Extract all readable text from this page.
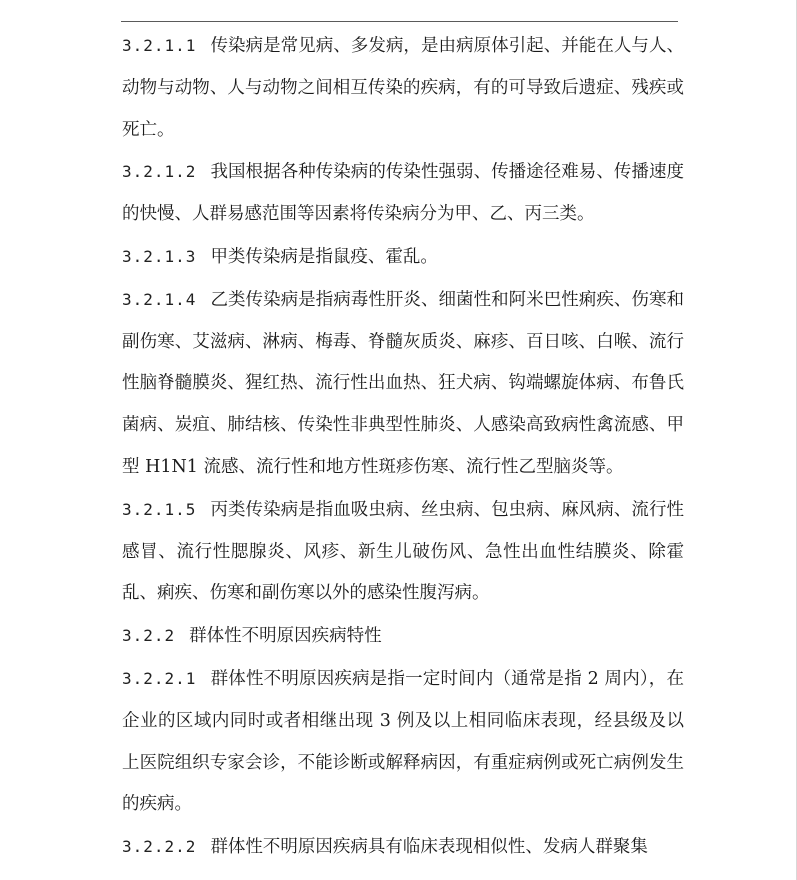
3.2.1.1 传染病是常见病、多发病，是由病原体引起、并能在人与人、动物与动物、人与动物之间相互传染的疾病，有的可导致后遗症、残疾或死亡。

3.2.1.2 我国根据各种传染病的传染性强弱、传播途径难易、传播速度的快慢、人群易感范围等因素将传染病分为甲、乙、丙三类。

3.2.1.3 甲类传染病是指鼠疫、霍乱。

3.2.1.4 乙类传染病是指病毒性肝炎、细菌性和阿米巴性痢疾、伤寒和副伤寒、艾滋病、淋病、梅毒、脊髓灰质炎、麻疹、百日咳、白喉、流行性脑脊髓膜炎、猩红热、流行性出血热、狂犬病、钩端螺旋体病、布鲁氏菌病、炭疽、肺结核、传染性非典型性肺炎、人感染高致病性禽流感、甲型 H1N1 流感、流行性和地方性斑疹伤寒、流行性乙型脑炎等。

3.2.1.5 丙类传染病是指血吸虫病、丝虫病、包虫病、麻风病、流行性感冒、流行性腮腺炎、风疹、新生儿破伤风、急性出血性结膜炎、除霍乱、痢疾、伤寒和副伤寒以外的感染性腹泻病。

3.2.2 群体性不明原因疾病特性

3.2.2.1 群体性不明原因疾病是指一定时间内（通常是指 2 周内），在企业的区域内同时或者相继出现 3 例及以上相同临床表现，经县级及以上医院组织专家会诊，不能诊断或解释病因，有重症病例或死亡病例发生的疾病。

3.2.2.2 群体性不明原因疾病具有临床表现相似性、发病人群聚集
